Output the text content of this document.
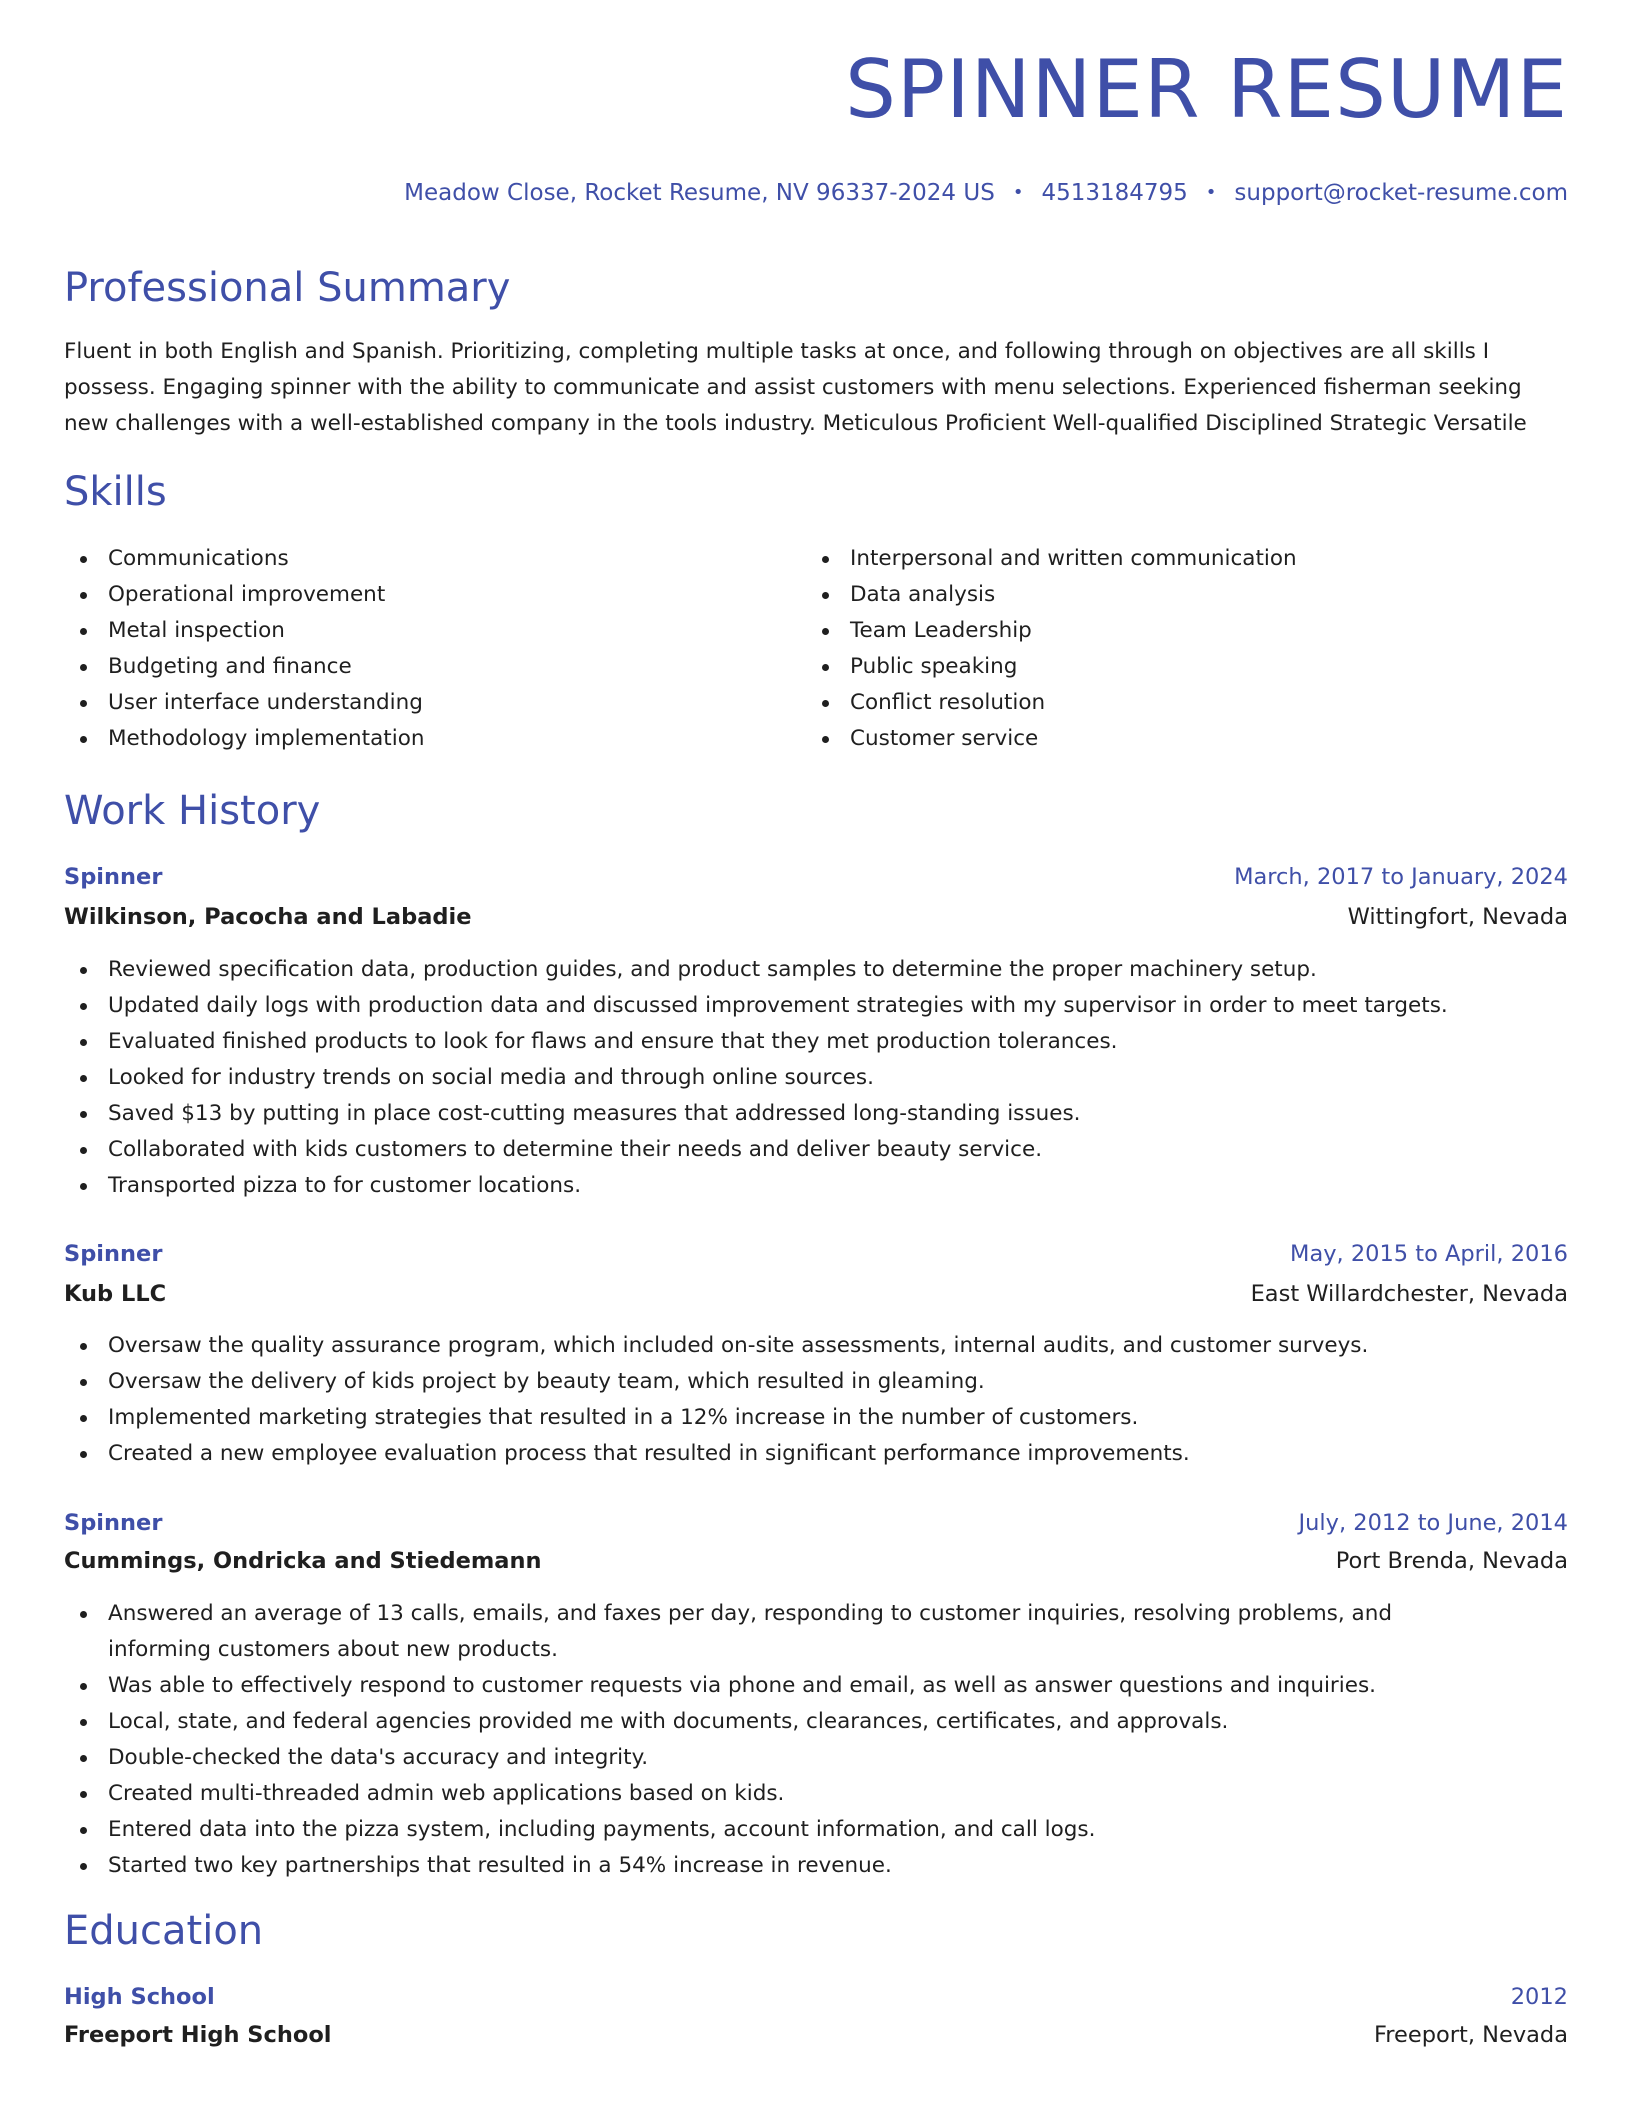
SPINNER RESUME
Meadow Close, Rocket Resume, NV 96337-2024 US • 4513184795 • support@rocket-resume.com
Professional Summary

Fluent in both English and Spanish. Prioritizing, completing multiple tasks at once, and following through on objectives are all skills I possess. Engaging spinner with the ability to communicate and assist customers with menu selections. Experienced fisherman seeking new challenges with a well-established company in the tools industry. Meticulous Proficient Well-qualified Disciplined Strategic Versatile

Skills
Communications
Operational improvement
Metal inspection
Budgeting and finance
User interface understanding
Methodology implementation
Interpersonal and written communication
Data analysis
Team Leadership
Public speaking
Conflict resolution
Customer service
Work History
Spinner	March, 2017 to January, 2024
Wilkinson, Pacocha and Labadie	Wittingfort, Nevada
Reviewed specification data, production guides, and product samples to determine the proper machinery setup.
Updated daily logs with production data and discussed improvement strategies with my supervisor in order to meet targets.
Evaluated finished products to look for flaws and ensure that they met production tolerances.
Looked for industry trends on social media and through online sources.
Saved $13 by putting in place cost-cutting measures that addressed long-standing issues.
Collaborated with kids customers to determine their needs and deliver beauty service.
Transported pizza to for customer locations.
Spinner	May, 2015 to April, 2016
Kub LLC	East Willardchester, Nevada
Oversaw the quality assurance program, which included on-site assessments, internal audits, and customer surveys.
Oversaw the delivery of kids project by beauty team, which resulted in gleaming.
Implemented marketing strategies that resulted in a 12% increase in the number of customers.
Created a new employee evaluation process that resulted in significant performance improvements.
Spinner	July, 2012 to June, 2014
Cummings, Ondricka and Stiedemann	Port Brenda, Nevada
Answered an average of 13 calls, emails, and faxes per day, responding to customer inquiries, resolving problems, and informing customers about new products.
Was able to effectively respond to customer requests via phone and email, as well as answer questions and inquiries.
Local, state, and federal agencies provided me with documents, clearances, certificates, and approvals.
Double-checked the data's accuracy and integrity.
Created multi-threaded admin web applications based on kids.
Entered data into the pizza system, including payments, account information, and call logs.
Started two key partnerships that resulted in a 54% increase in revenue.
Education
High School	2012
Freeport High School	Freeport, Nevada
